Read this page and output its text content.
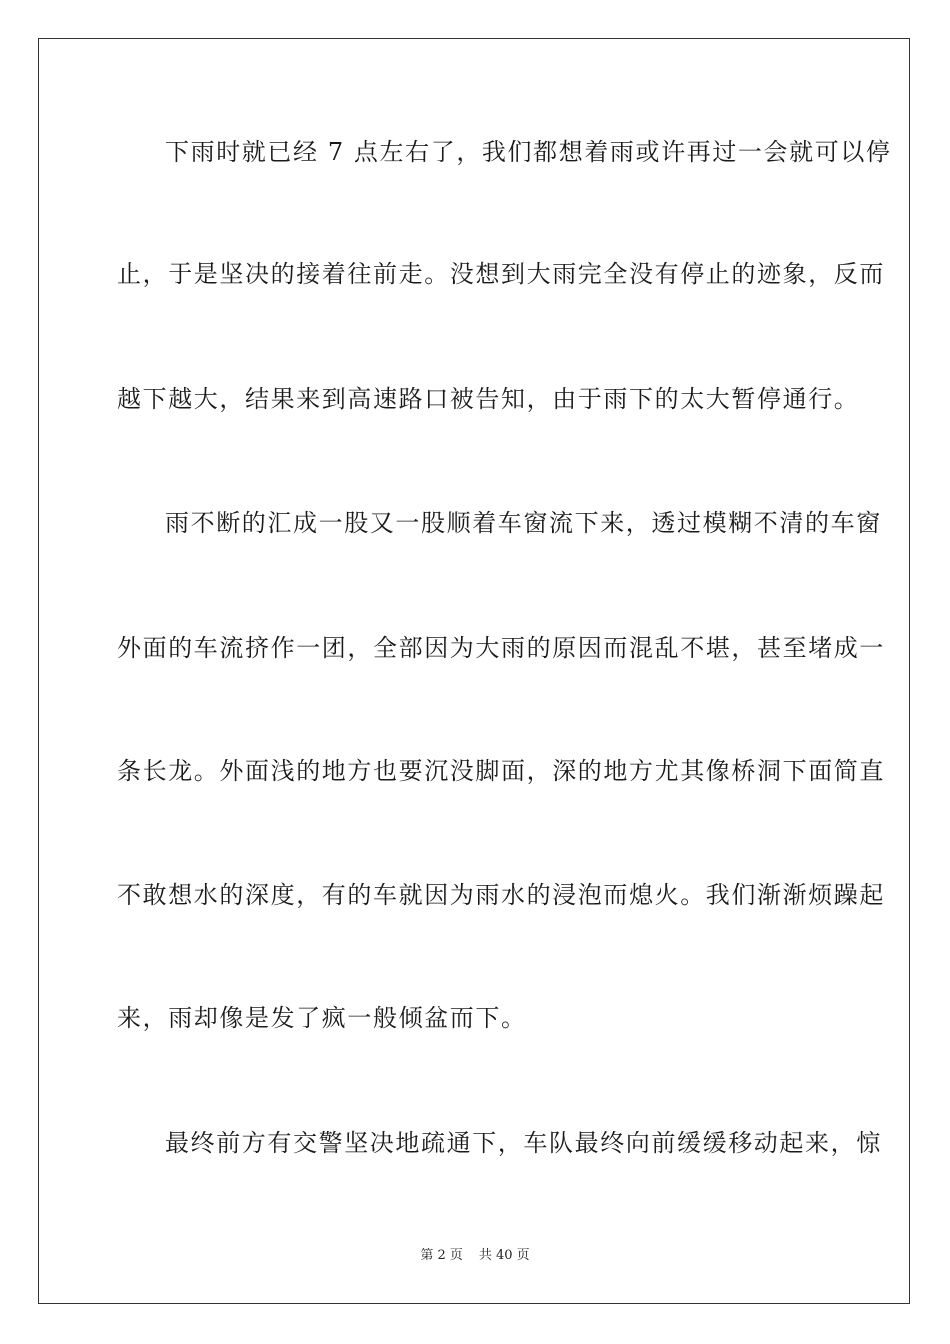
下雨时就已经 7 点左右了，我们都想着雨或许再过一会就可以停
止，于是坚决的接着往前走。没想到大雨完全没有停止的迹象，反而
越下越大，结果来到高速路口被告知，由于雨下的太大暂停通行。
雨不断的汇成一股又一股顺着车窗流下来，透过模糊不清的车窗
外面的车流挤作一团，全部因为大雨的原因而混乱不堪，甚至堵成一
条长龙。外面浅的地方也要沉没脚面，深的地方尤其像桥洞下面简直
不敢想水的深度，有的车就因为雨水的浸泡而熄火。我们渐渐烦躁起
来，雨却像是发了疯一般倾盆而下。
最终前方有交警坚决地疏通下，车队最终向前缓缓移动起来，惊
第 2 页 共 40 页
